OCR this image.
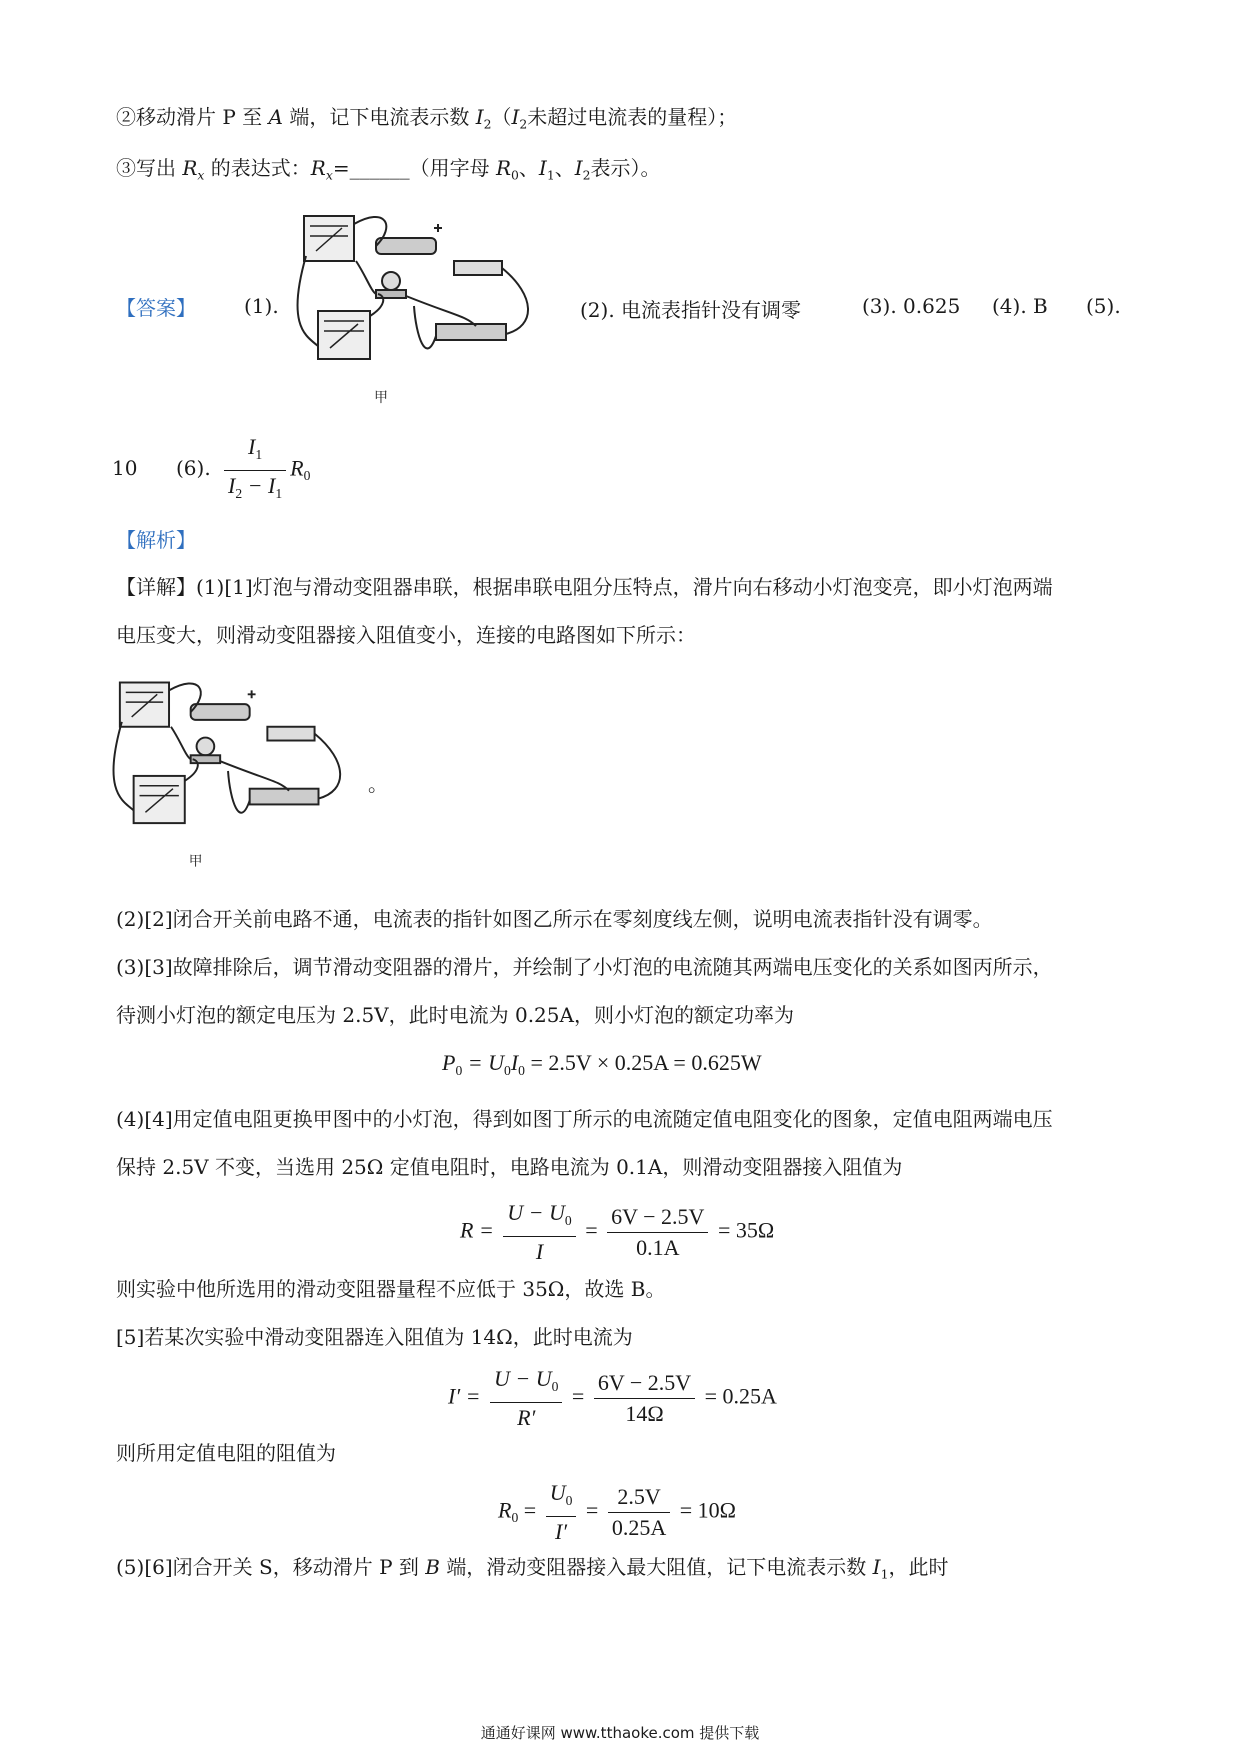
②移动滑片 P 至 A 端，记下电流表示数 $I_2(I_2$未超过电流表的量程）；
③写出 $R_x$ 的表达式：$R_x=\_\_\_\_\_\_$（用字母 $R_0$、$I_1$、$I_2$表示）。
【答案】 (1).
甲
(2). 电流表指针没有调零	(3). 0.625 (4). B (5).
10 (6). $\frac{I_1}{I_2 - I_1} R_0$
【解析】
【详解】(1)[1]灯泡与滑动变阻器串联，根据串联电阻分压特点，滑片向右移动小灯泡变亮，即小灯泡两端
电压变大，则滑动变阻器接入阻值变小，连接的电路图如下所示：
甲
。
(2)[2]闭合开关前电路不通，电流表的指针如图乙所示在零刻度线左侧，说明电流表指针没有调零。
(3)[3]故障排除后，调节滑动变阻器的滑片，并绘制了小灯泡的电流随其两端电压变化的关系如图丙所示，
待测小灯泡的额定电压为 2.5V，此时电流为 0.25A，则小灯泡的额定功率为
$P_0 = U_0I_0 = 2.5V \times 0.25A = 0.625W$
(4)[4]用定值电阻更换甲图中的小灯泡，得到如图丁所示的电流随定值电阻变化的图象，定值电阻两端电压
保持 2.5V 不变，当选用 25Ω 定值电阻时，电路电流为 0.1A，则滑动变阻器接入阻值为
$R = \frac{U - U_0}{I} = \frac{6V - 2.5V}{0.1A} = 35\Omega$
则实验中他所选用的滑动变阻器量程不应低于 35Ω，故选 B。
[5]若某次实验中滑动变阻器连入阻值为 14Ω，此时电流为
$I' = \frac{U - U_0}{R'} = \frac{6V - 2.5V}{14\Omega} = 0.25A$
则所用定值电阻的阻值为
$R_0 = \frac{U_0}{I'} = \frac{2.5V}{0.25A} = 10\Omega$
(5)[6]闭合开关 S，移动滑片 P 到 B 端，滑动变阻器接入最大阻值，记下电流表示数 $I_1$，此时
通通好课网 www.tthaoke.com 提供下载
